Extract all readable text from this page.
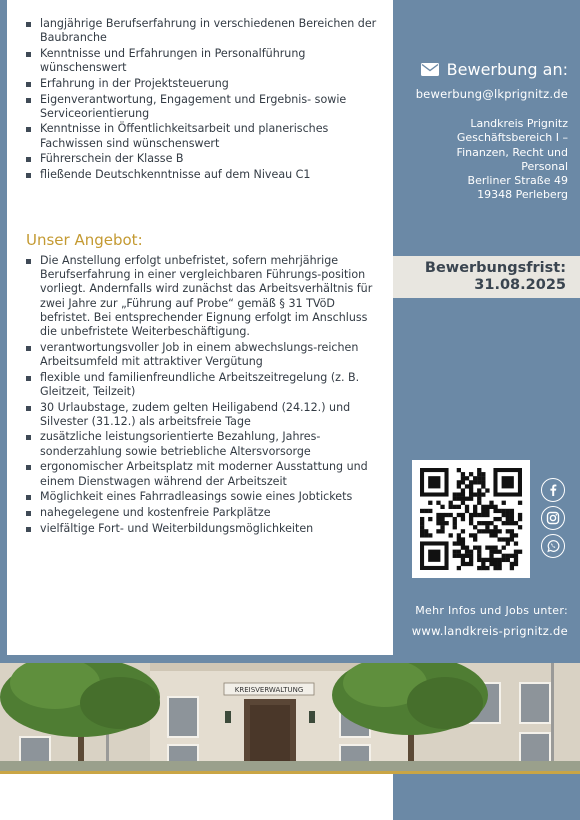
langjährige Berufserfahrung in verschiedenen Bereichen der Baubranche
Kenntnisse und Erfahrungen in Personalführung wünschenswert
Erfahrung in der Projektsteuerung
Eigenverantwortung, Engagement und Ergebnis- sowie Serviceorientierung
Kenntnisse in Öffentlichkeitsarbeit und planerisches Fachwissen sind wünschenswert
Führerschein der Klasse B
fließende Deutschkenntnisse auf dem Niveau C1
Unser Angebot:
Die Anstellung erfolgt unbefristet, sofern mehrjährige Berufserfahrung in einer vergleichbaren Führungs-position vorliegt. Andernfalls wird zunächst das Arbeitsverhältnis für zwei Jahre zur „Führung auf Probe“ gemäß § 31 TVöD befristet. Bei entsprechender Eignung erfolgt im Anschluss die unbefristete Weiterbeschäftigung.
verantwortungsvoller Job in einem abwechslungs-reichen Arbeitsumfeld mit attraktiver Vergütung
flexible und familienfreundliche Arbeitszeitregelung (z. B. Gleitzeit, Teilzeit)
30 Urlaubstage, zudem gelten Heiligabend (24.12.) und Silvester (31.12.) als arbeitsfreie Tage
zusätzliche leistungsorientierte Bezahlung, Jahres-sonderzahlung sowie betriebliche Altersvorsorge
ergonomischer Arbeitsplatz mit moderner Ausstattung und einem Dienstwagen während der Arbeitszeit
Möglichkeit eines Fahrradleasings sowie eines Jobtickets
nahegelegene und kostenfreie Parkplätze
vielfältige Fort- und Weiterbildungsmöglichkeiten
Bewerbung an:
bewerbung@lkprignitz.de
Landkreis Prignitz
Geschäftsbereich I –
Finanzen, Recht und
Personal
Berliner Straße 49
19348 Perleberg
Mehr Infos und Jobs unter:
www.landkreis-prignitz.de
Bewerbungsfrist:
31.08.2025
KREISVERWALTUNG
